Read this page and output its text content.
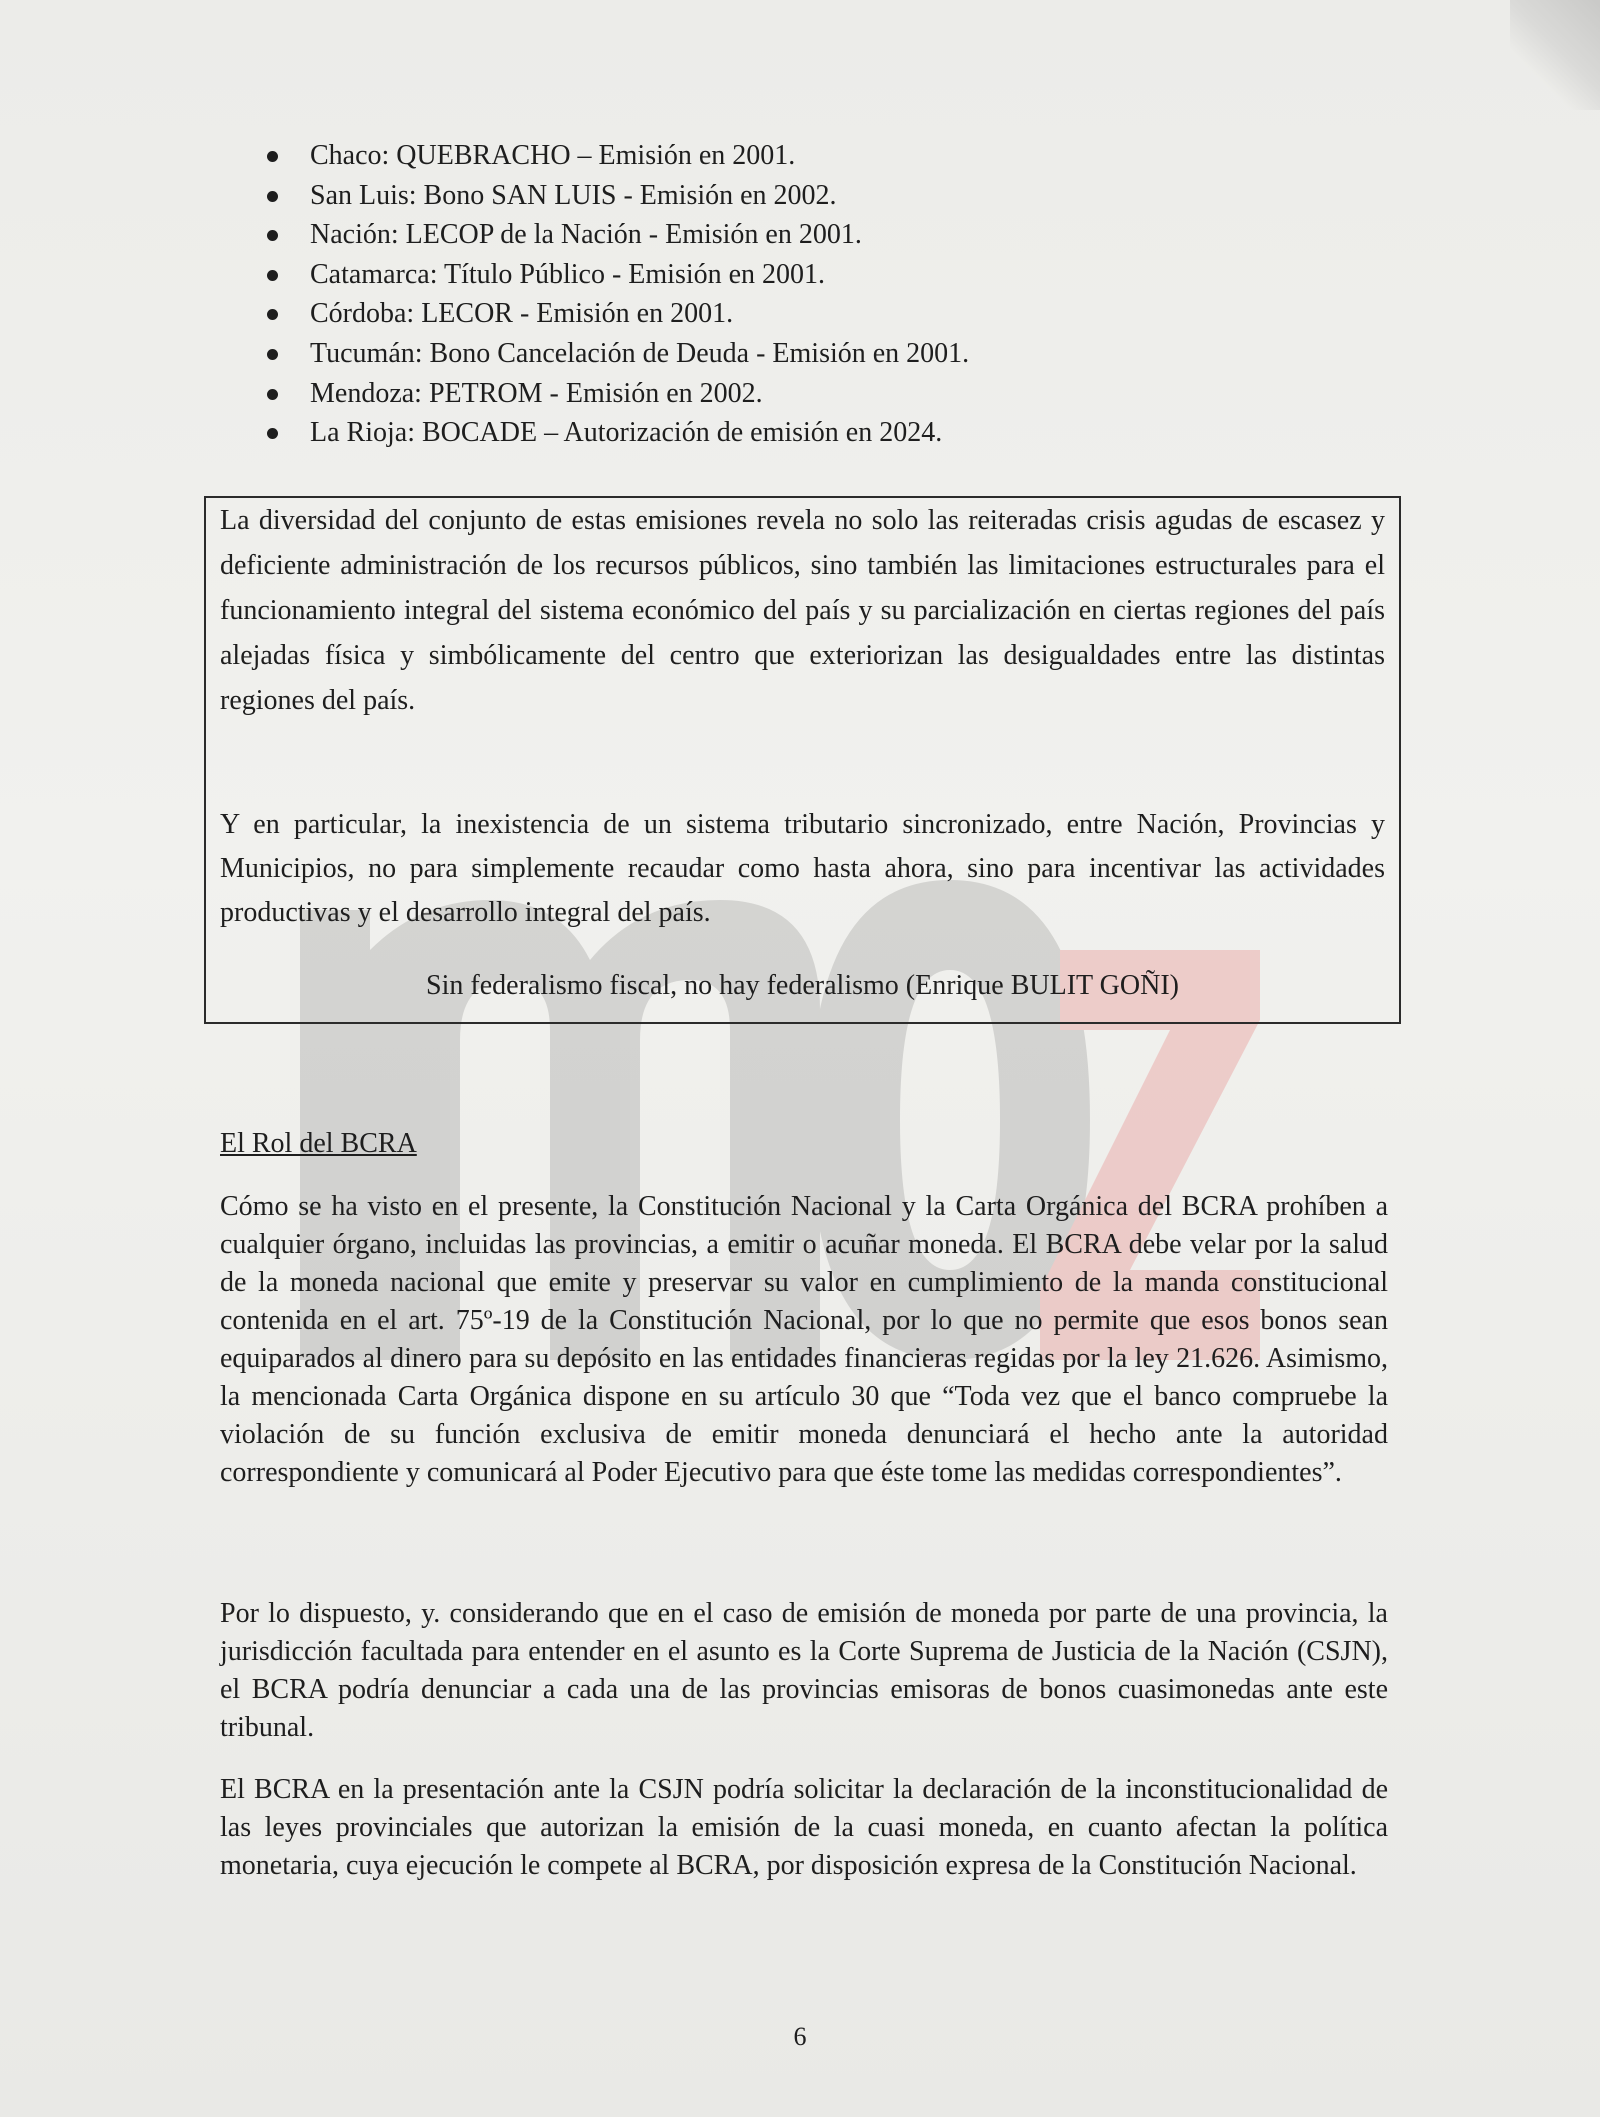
Chaco: QUEBRACHO – Emisión en 2001.
San Luis: Bono SAN LUIS - Emisión en 2002.
Nación: LECOP de la Nación - Emisión en 2001.
Catamarca: Título Público - Emisión en 2001.
Córdoba: LECOR - Emisión en 2001.
Tucumán: Bono Cancelación de Deuda - Emisión en 2001.
Mendoza: PETROM - Emisión en 2002.
La Rioja: BOCADE – Autorización de emisión en 2024.

La diversidad del conjunto de estas emisiones revela no solo las reiteradas crisis agudas de escasez y deficiente administración de los recursos públicos, sino también las limitaciones estructurales para el funcionamiento integral del sistema económico del país y su parcialización en ciertas regiones del país alejadas física y simbólicamente del centro que exteriorizan las desigualdades entre las distintas regiones del país.

Y en particular, la inexistencia de un sistema tributario sincronizado, entre Nación, Provincias y Municipios, no para simplemente recaudar como hasta ahora, sino para incentivar las actividades productivas y el desarrollo integral del país.

Sin federalismo fiscal, no hay federalismo (Enrique BULIT GOÑI)
El Rol del BCRA

Cómo se ha visto en el presente, la Constitución Nacional y la Carta Orgánica del BCRA prohíben a cualquier órgano, incluidas las provincias, a emitir o acuñar moneda. El BCRA debe velar por la salud de la moneda nacional que emite y preservar su valor en cumplimiento de la manda constitucional contenida en el art. 75º-19 de la Constitución Nacional, por lo que no permite que esos bonos sean equiparados al dinero para su depósito en las entidades financieras regidas por la ley 21.626. Asimismo, la mencionada Carta Orgánica dispone en su artículo 30 que “Toda vez que el banco compruebe la violación de su función exclusiva de emitir moneda denunciará el hecho ante la autoridad correspondiente y comunicará al Poder Ejecutivo para que éste tome las medidas correspondientes”.

Por lo dispuesto, y. considerando que en el caso de emisión de moneda por parte de una provincia, la jurisdicción facultada para entender en el asunto es la Corte Suprema de Justicia de la Nación (CSJN), el BCRA podría denunciar a cada una de las provincias emisoras de bonos cuasimonedas ante este tribunal.

El BCRA en la presentación ante la CSJN podría solicitar la declaración de la inconstitucionalidad de las leyes provinciales que autorizan la emisión de la cuasi moneda, en cuanto afectan la política monetaria, cuya ejecución le compete al BCRA, por disposición expresa de la Constitución Nacional.

6
